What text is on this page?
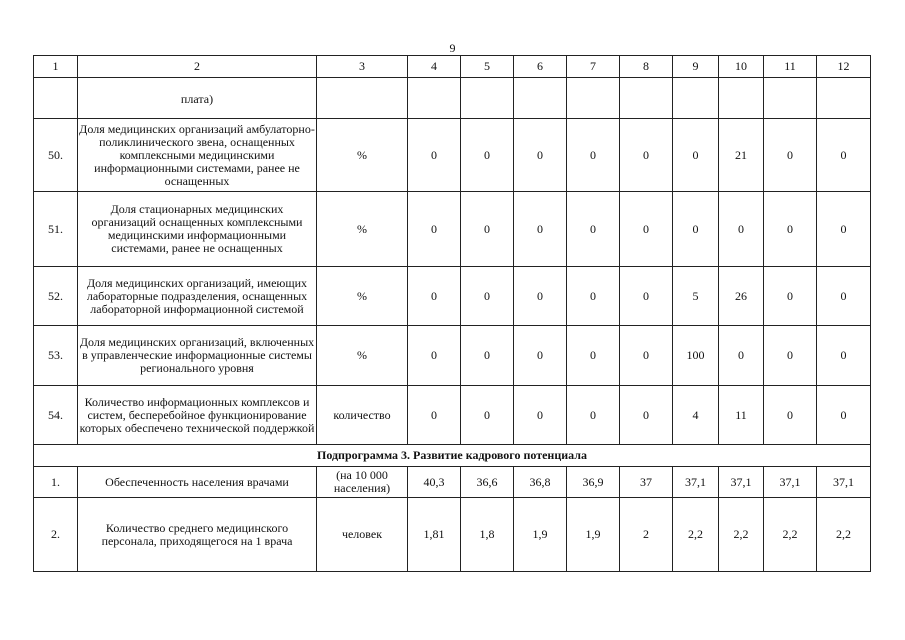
9
1	2	3	4	5	6	7	8	9	10	11	12
	плата)										
50.	Доля медицинских организаций амбулаторно-поликлинического звена, оснащенных комплексными медицинскими информационными системами, ранее не оснащенных	%	0	0	0	0	0	0	21	0	0
51.	Доля стационарных медицинских организаций оснащенных комплексными медицинскими информационными системами, ранее не оснащенных	%	0	0	0	0	0	0	0	0	0
52.	Доля медицинских организаций, имеющих лабораторные подразделения, оснащенных лабораторной информационной системой	%	0	0	0	0	0	5	26	0	0
53.	Доля медицинских организаций, включенных в управленческие информационные системы регионального уровня	%	0	0	0	0	0	100	0	0	0
54.	Количество информационных комплексов и систем, бесперебойное функционирование которых обеспечено технической поддержкой	количество	0	0	0	0	0	4	11	0	0
Подпрограмма 3. Развитие кадрового потенциала											
1.	Обеспеченность населения врачами	(на 10 000 населения)	40,3	36,6	36,8	36,9	37	37,1	37,1	37,1	37,1
2.	Количество среднего медицинского персонала, приходящегося на 1 врача	человек	1,81	1,8	1,9	1,9	2	2,2	2,2	2,2	2,2
